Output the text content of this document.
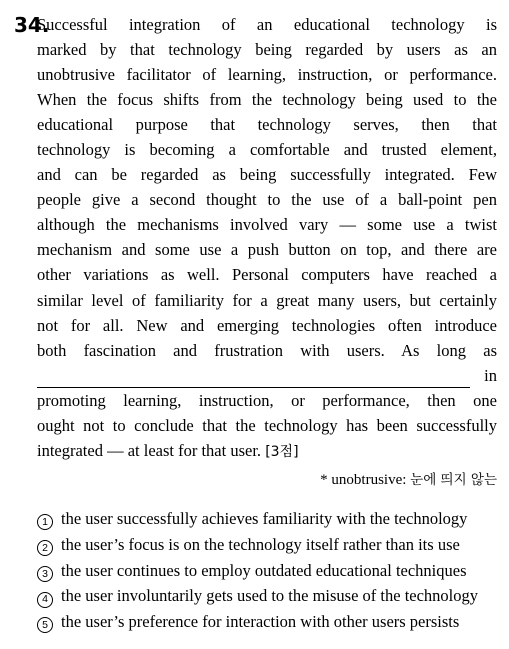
34.
Successful integration of an educational technology is
marked by that technology being regarded by users as an
unobtrusive facilitator of learning, instruction, or performance.
When the focus shifts from the technology being used to the
educational purpose that technology serves, then that
technology is becoming a comfortable and trusted element,
and can be regarded as being successfully integrated. Few
people give a second thought to the use of a ball-point pen
although the mechanisms involved vary — some use a twist
mechanism and some use a push button on top, and there are
other variations as well. Personal computers have reached a
similar level of familiarity for a great many users, but certainly
not for all. New and emerging technologies often introduce
both fascination and frustration with users. As long as
in
promoting learning, instruction, or performance, then one
ought not to conclude that the technology has been successfully
integrated — at least for that user. [3점]
* unobtrusive: 눈에 띄지 않는
1 the user successfully achieves familiarity with the technology
2 the user’s focus is on the technology itself rather than its use
3 the user continues to employ outdated educational techniques
4 the user involuntarily gets used to the misuse of the technology
5 the user’s preference for interaction with other users persists
